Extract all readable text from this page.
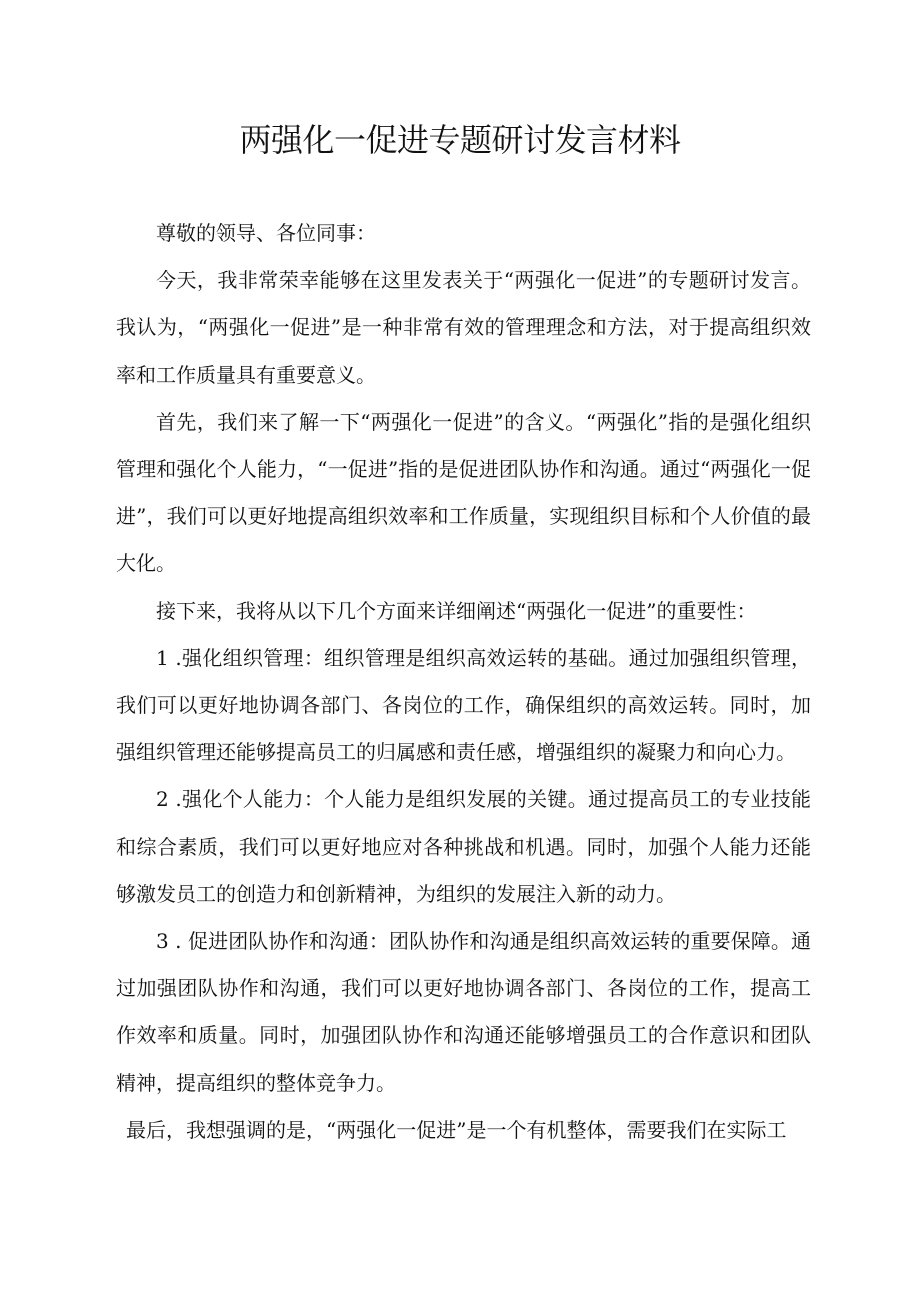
两强化一促进专题研讨发言材料

尊敬的领导、各位同事：

今天，我非常荣幸能够在这里发表关于“两强化一促进”的专题研讨发言。我认为，“两强化一促进”是一种非常有效的管理理念和方法，对于提高组织效率和工作质量具有重要意义。

首先，我们来了解一下“两强化一促进”的含义。“两强化”指的是强化组织管理和强化个人能力，“一促进”指的是促进团队协作和沟通。通过“两强化一促进”，我们可以更好地提高组织效率和工作质量，实现组织目标和个人价值的最大化。

接下来，我将从以下几个方面来详细阐述“两强化一促进”的重要性：

1 .强化组织管理：组织管理是组织高效运转的基础。通过加强组织管理，我们可以更好地协调各部门、各岗位的工作，确保组织的高效运转。同时，加强组织管理还能够提高员工的归属感和责任感，增强组织的凝聚力和向心力。

2 .强化个人能力：个人能力是组织发展的关键。通过提高员工的专业技能和综合素质，我们可以更好地应对各种挑战和机遇。同时，加强个人能力还能够激发员工的创造力和创新精神，为组织的发展注入新的动力。

3 . 促进团队协作和沟通：团队协作和沟通是组织高效运转的重要保障。通过加强团队协作和沟通，我们可以更好地协调各部门、各岗位的工作，提高工作效率和质量。同时，加强团队协作和沟通还能够增强员工的合作意识和团队精神，提高组织的整体竞争力。

最后，我想强调的是，“两强化一促进”是一个有机整体，需要我们在实际工
